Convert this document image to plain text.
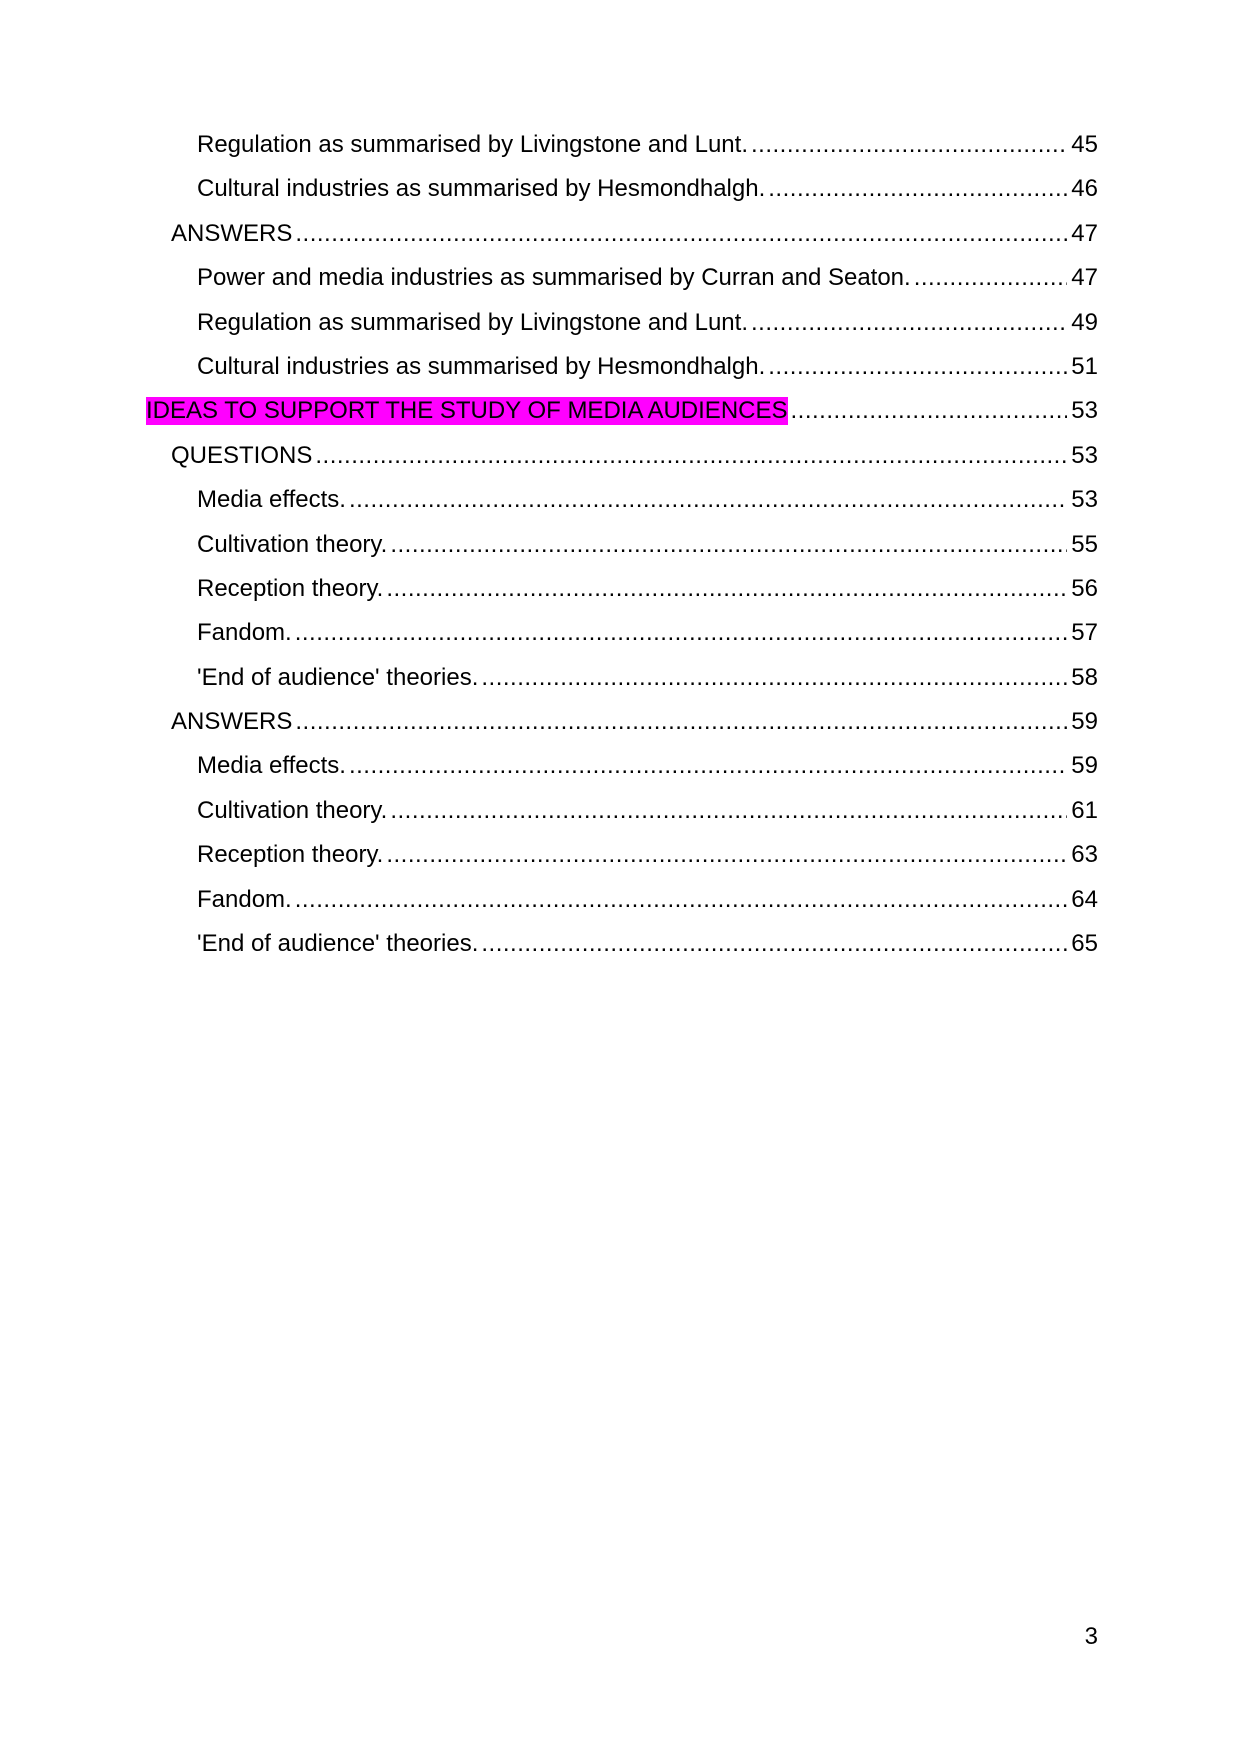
Regulation as summarised by Livingstone and Lunt. .....	45
Cultural industries as summarised by Hesmondhalgh. .....	46
ANSWERS .....	47
Power and media industries as summarised by Curran and Seaton. .....	47
Regulation as summarised by Livingstone and Lunt. .....	49
Cultural industries as summarised by Hesmondhalgh. .....	51
IDEAS TO SUPPORT THE STUDY OF MEDIA AUDIENCES .....	53
QUESTIONS .....	53
Media effects. .....	53
Cultivation theory. .....	55
Reception theory. .....	56
Fandom. .....	57
'End of audience' theories. .....	58
ANSWERS .....	59
Media effects. .....	59
Cultivation theory. .....	61
Reception theory. .....	63
Fandom. .....	64
'End of audience' theories. .....	65
3
